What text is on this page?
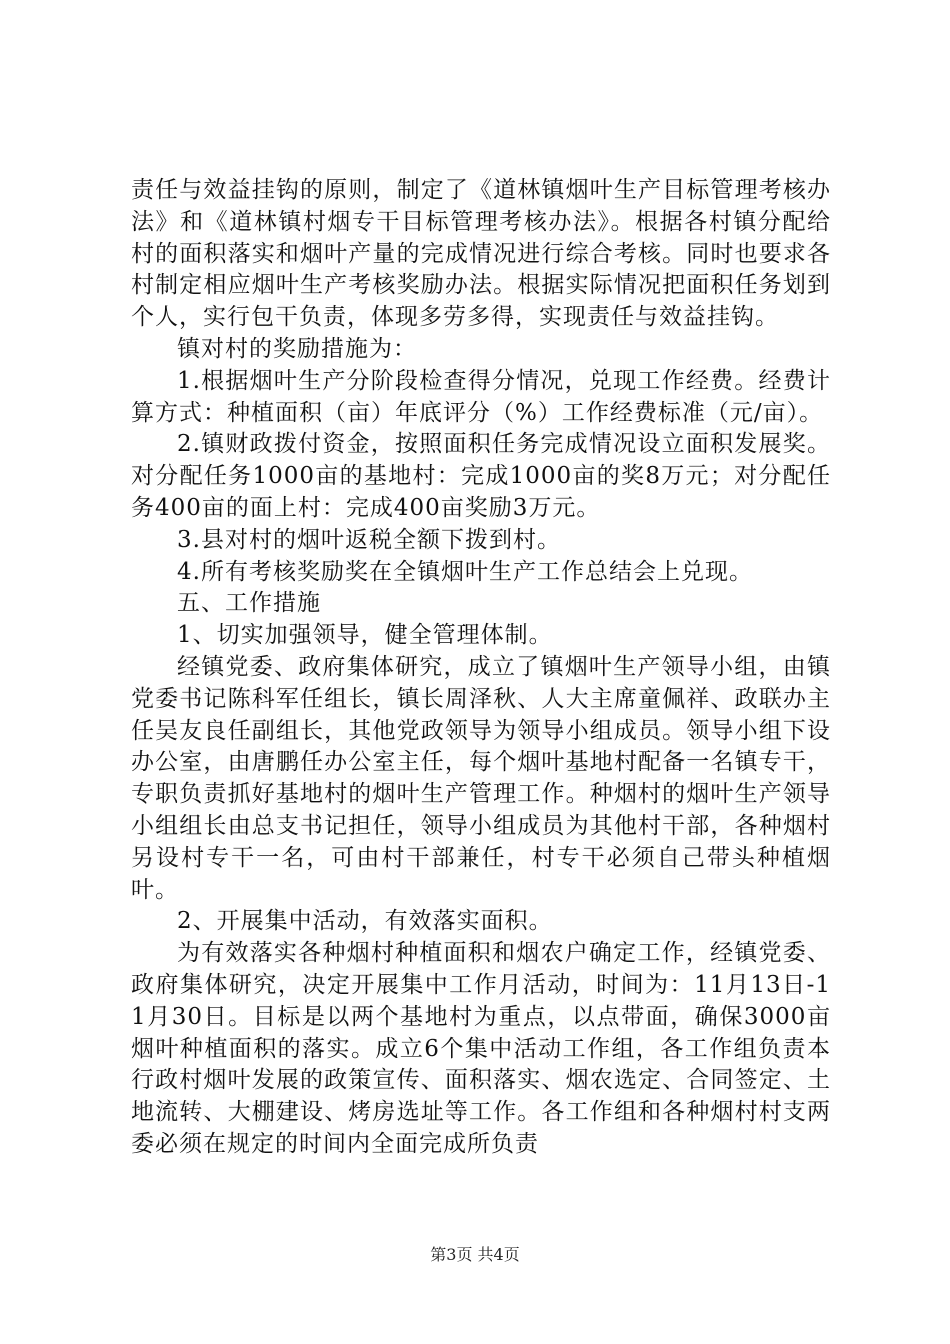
责任与效益挂钩的原则，制定了《道林镇烟叶生产目标管理考核办法》和《道林镇村烟专干目标管理考核办法》。根据各村镇分配给村的面积落实和烟叶产量的完成情况进行综合考核。同时也要求各村制定相应烟叶生产考核奖励办法。根据实际情况把面积任务划到个人，实行包干负责，体现多劳多得，实现责任与效益挂钩。

镇对村的奖励措施为：

1.根据烟叶生产分阶段检查得分情况，兑现工作经费。经费计算方式：种植面积（亩）年底评分（%）工作经费标准（元/亩）。

2.镇财政拨付资金，按照面积任务完成情况设立面积发展奖。对分配任务1000亩的基地村：完成1000亩的奖8万元；对分配任务400亩的面上村：完成400亩奖励3万元。

3.县对村的烟叶返税全额下拨到村。

4.所有考核奖励奖在全镇烟叶生产工作总结会上兑现。

五、工作措施

1、切实加强领导，健全管理体制。

经镇党委、政府集体研究，成立了镇烟叶生产领导小组，由镇党委书记陈科军任组长，镇长周泽秋、人大主席童佩祥、政联办主任吴友良任副组长，其他党政领导为领导小组成员。领导小组下设办公室，由唐鹏任办公室主任，每个烟叶基地村配备一名镇专干，专职负责抓好基地村的烟叶生产管理工作。种烟村的烟叶生产领导小组组长由总支书记担任，领导小组成员为其他村干部，各种烟村另设村专干一名，可由村干部兼任，村专干必须自己带头种植烟叶。

2、开展集中活动，有效落实面积。

为有效落实各种烟村种植面积和烟农户确定工作，经镇党委、政府集体研究，决定开展集中工作月活动，时间为：11月13日-11月30日。目标是以两个基地村为重点，以点带面，确保3000亩烟叶种植面积的落实。成立6个集中活动工作组，各工作组负责本行政村烟叶发展的政策宣传、面积落实、烟农选定、合同签定、土地流转、大棚建设、烤房选址等工作。各工作组和各种烟村村支两委必须在规定的时间内全面完成所负责

第3页 共4页
